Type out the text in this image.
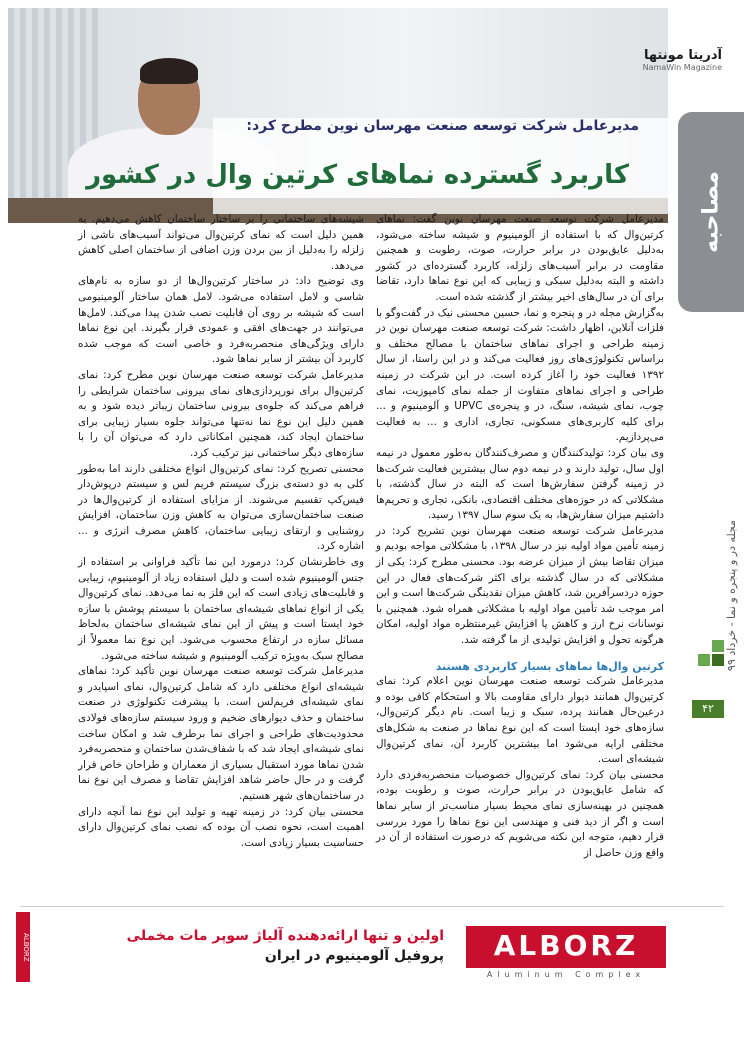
آدریتا مونتها
NamaWin Magazine
مدیرعامل شرکت توسعه صنعت مهرسان نوین مطرح کرد:
کاربرد گسترده نماهای کرتین وال در کشور	مصاحبه
مجله در و پنجره و نما - خرداد ۹۹
۴۲

مدیرعامل شرکت توسعه صنعت مهرسان نوین گفت: نماهای کرتین‌وال که با استفاده از آلومینیوم و شیشه ساخته می‌شود، به‌دلیل عایق‌بودن در برابر حرارت، صوت، رطوبت و همچنین مقاومت در برابر آسیب‌های زلزله، کاربرد گسترده‌ای در کشور داشته و البته به‌دلیل سبکی و زیبایی که این نوع نماها دارد، تقاضا برای آن در سال‌های اخیر بیشتر از گذشته شده است.

به‌گزارش مجله در و پنجره و نما، حسین محسنی نیک در گفت‌وگو با فلزات آنلاین، اظهار داشت: شرکت توسعه صنعت مهرسان نوین در زمینه طراحی و اجرای نماهای ساختمان با مصالح مختلف و براساس تکنولوژی‌های روز فعالیت می‌کند و در این راستا، از سال ۱۳۹۲ فعالیت خود را آغاز کرده است. در این شرکت در زمینه طراحی و اجرای نماهای متفاوت از جمله نمای کامپوزیت، نمای چوب، نمای شیشه، سنگ، در و پنجره‌ی UPVC و آلومینیوم و ... برای کلیه کاربری‌های مسکونی، تجاری، اداری و ... به فعالیت می‌پردازیم.

وی بیان کرد: تولیدکنندگان و مصرف‌کنندگان به‌طور معمول در نیمه اول سال، تولید دارند و در نیمه دوم سال بیشترین فعالیت شرکت‌ها در زمینه گرفتن سفارش‌ها است که البته در سال گذشته، با مشکلاتی که در حوزه‌های مختلف اقتصادی، بانکی، تجاری و تحریم‌ها داشتیم میزان سفارش‌ها، به یک سوم سال ۱۳۹۷ رسید.

مدیرعامل شرکت توسعه صنعت مهرسان نوین تشریح کرد: در زمینه تأمین مواد اولیه نیز در سال ۱۳۹۸، با مشکلاتی مواجه بودیم و میزان تقاضا بیش از میزان عرضه بود. محسنی مطرح کرد: یکی از مشکلاتی که در سال گذشته برای اکثر شرکت‌های فعال در این حوزه دردسرآفرین شد، کاهش میزان نقدینگی شرکت‌ها است و این امر موجب شد تأمین مواد اولیه با مشکلاتی همراه شود. همچنین با نوسانات نرخ ارز و کاهش یا افزایش غیرمنتظره مواد اولیه، امکان هرگونه تحول و افزایش تولیدی از ما گرفته شد.

کرتین وال‌ها نماهای بسیار کاربردی هستند

مدیرعامل شرکت توسعه صنعت مهرسان نوین اعلام کرد: نمای کرتین‌وال همانند دیوار دارای مقاومت بالا و استحکام کافی بوده و درعین‌حال همانند پرده، سبک و زیبا است. نام دیگر کرتین‌وال، سازه‌های خود ایستا است که این نوع نماها در صنعت به شکل‌های مختلفی ارایه می‌شود اما بیشترین کاربرد آن، نمای کرتین‌وال شیشه‌ای است.

محسنی بیان کرد: نمای کرتین‌وال خصوصیات منحصربه‌فردی دارد که شامل عایق‌بودن در برابر حرارت، صوت و رطوبت بوده، همچنین در بهینه‌سازی نمای محیط بسیار مناسب‌تر از سایر نماها است و اگر از دید فنی و مهندسی این نوع نماها را مورد بررسی قرار دهیم، متوجه این نکته می‌شویم که درصورت استفاده از آن در واقع وزن حاصل از

شیشه‌های ساختمانی را بر ساختار ساختمان کاهش می‌دهیم. به همین دلیل است که نمای کرتین‌وال می‌تواند آسیب‌های ناشی از زلزله را به‌دلیل از بین بردن وزن اضافی از ساختمان اصلی کاهش می‌دهد.

وی توضیح داد: در ساختار کرتین‌وال‌ها از دو سازه به نام‌های شاسی و لامل استفاده می‌شود. لامل همان ساختار آلومینیومی است که شیشه بر روی آن قابلیت نصب شدن پیدا می‌کند. لامل‌ها می‌توانند در جهت‌های افقی و عمودی قرار بگیرند. این نوع نماها دارای ویژگی‌های منحصربه‌فرد و خاصی است که موجب شده کاربرد آن بیشتر از سایر نماها شود.

مدیرعامل شرکت توسعه صنعت مهرسان نوین مطرح کرد: نمای کرتین‌وال برای نورپردازی‌های نمای بیرونی ساختمان شرایطی را فراهم می‌کند که جلوه‌ی بیرونی ساختمان زیباتر دیده شود و به همین دلیل این نوع نما نه‌تنها می‌تواند جلوه بسیار زیبایی برای ساختمان ایجاد کند، همچنین امکاناتی دارد که می‌توان آن را با سازه‌های دیگر ساختمانی نیز ترکیب کرد.

محسنی تصریح کرد: نمای کرتین‌وال انواع مختلفی دارند اما به‌طور کلی به دو دسته‌ی بزرگ سیستم فریم لس و سیستم درپوش‌دار فیس‌کپ تقسیم می‌شوند. از مزایای استفاده از کرتین‌وال‌ها در صنعت ساختمان‌سازی می‌توان به کاهش وزن ساختمان، افزایش روشنایی و ارتقای زیبایی ساختمان، کاهش مصرف انرژی و ... اشاره کرد.

وی خاطرنشان کرد: درمورد این نما تأکید فراوانی بر استفاده از جنس آلومینیوم شده است و دلیل استفاده زیاد از آلومینیوم، زیبایی و قابلیت‌های زیادی است که این فلز به نما می‌دهد. نمای کرتین‌وال یکی از انواع نماهای شیشه‌ای ساختمان با سیستم پوشش با سازه خود ایستا است و پیش از این نمای شیشه‌ای ساختمان به‌لحاظ مسائل سازه در ارتفاع محسوب می‌شود. این نوع نما معمولاً از مصالح سبک به‌ویژه ترکیب آلومینیوم و شیشه ساخته می‌شود.

مدیرعامل شرکت توسعه صنعت مهرسان نوین تأکید کرد: نماهای شیشه‌ای انواع مختلفی دارد که شامل کرتین‌وال، نمای اسپایدر و نمای شیشه‌ای فریم‌لس است. با پیشرفت تکنولوژی در صنعت ساختمان و حذف دیوارهای ضخیم و ورود سیستم سازه‌های فولادی محدودیت‌های طراحی و اجرای نما برطرف شد و امکان ساخت نمای شیشه‌ای ایجاد شد که با شفاف‌شدن ساختمان و منحصربه‌فرد شدن نماها مورد استقبال بسیاری از معماران و طراحان خاص قرار گرفت و در حال حاضر شاهد افزایش تقاضا و مصرف این نوع نما در ساختمان‌های شهر هستیم.

محسنی بیان کرد: در زمینه تهیه و تولید این نوع نما آنچه دارای اهمیت است، نحوه نصب آن بوده که نصب نمای کرتین‌وال دارای حساسیت بسیار زیادی است.

ALBORZ
Aluminum Complex
اولین و تنها ارائه‌دهنده آلیاژ سوپر مات مخملی
پروفیل آلومینیوم در ایران
ALBORZ
